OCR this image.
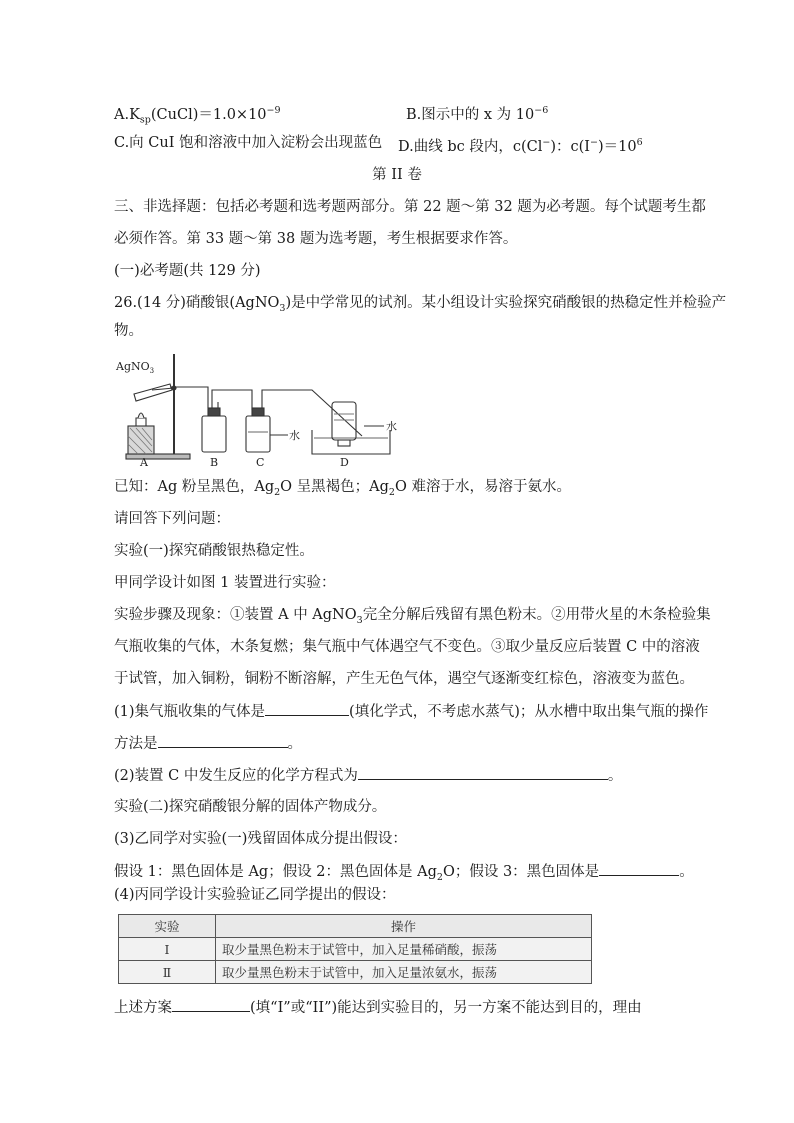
$A.K_{sp}(CuCl)=1.0\times 10^{-9}$	B.图示中的 x 为 $10^{-6}$
C.向 CuI 饱和溶液中加入淀粉会出现蓝色 D.曲线 bc 段内，c(Cl−)：$c(I^-)=10^6$
第 II 卷
三、非选择题：包括必考题和选考题两部分。第 22 题～第 32 题为必考题。每个试题考生都
必须作答。第 33 题～第 38 题为选考题，考生根据要求作答。
(一)必考题(共 129 分)
26.(14 分)硝酸银(AgNO$_3$)是中学常见的试剂。某小组设计实验探究硝酸银的热稳定性并检验产
物。
AgNO$_3$
A	B	C	D
水
水
已知：Ag 粉呈黑色，$Ag_2O$ 呈黑褐色；$Ag_2O$ 难溶于水，易溶于氨水。
请回答下列问题：
实验(一)探究硝酸银热稳定性。
甲同学设计如图 1 装置进行实验：
实验步骤及现象：①装置 A 中 AgNO$_3$完全分解后残留有黑色粉末。②用带火星的木条检验集
气瓶收集的气体，木条复燃；集气瓶中气体遇空气不变色。③取少量反应后装置 C 中的溶液
于试管，加入铜粉，铜粉不断溶解，产生无色气体，遇空气逐渐变红棕色，溶液变为蓝色。
(1)集气瓶收集的气体是	(填化学式，不考虑水蒸气)；从水槽中取出集气瓶的操作
方法是	。
(2)装置 C 中发生反应的化学方程式为	。
实验(二)探究硝酸银分解的固体产物成分。
(3)乙同学对实验(一)残留固体成分提出假设：
假设 1：黑色固体是 Ag；假设 2：黑色固体是 $Ag_2O$；假设 3：黑色固体是	。
(4)丙同学设计实验验证乙同学提出的假设：
实验	操作
Ⅰ	取少量黑色粉末于试管中，加入足量稀硝酸，振荡
Ⅱ	取少量黑色粉末于试管中，加入足量浓氨水，振荡
上述方案	(填“I”或“II”)能达到实验目的，另一方案不能达到目的，理由
